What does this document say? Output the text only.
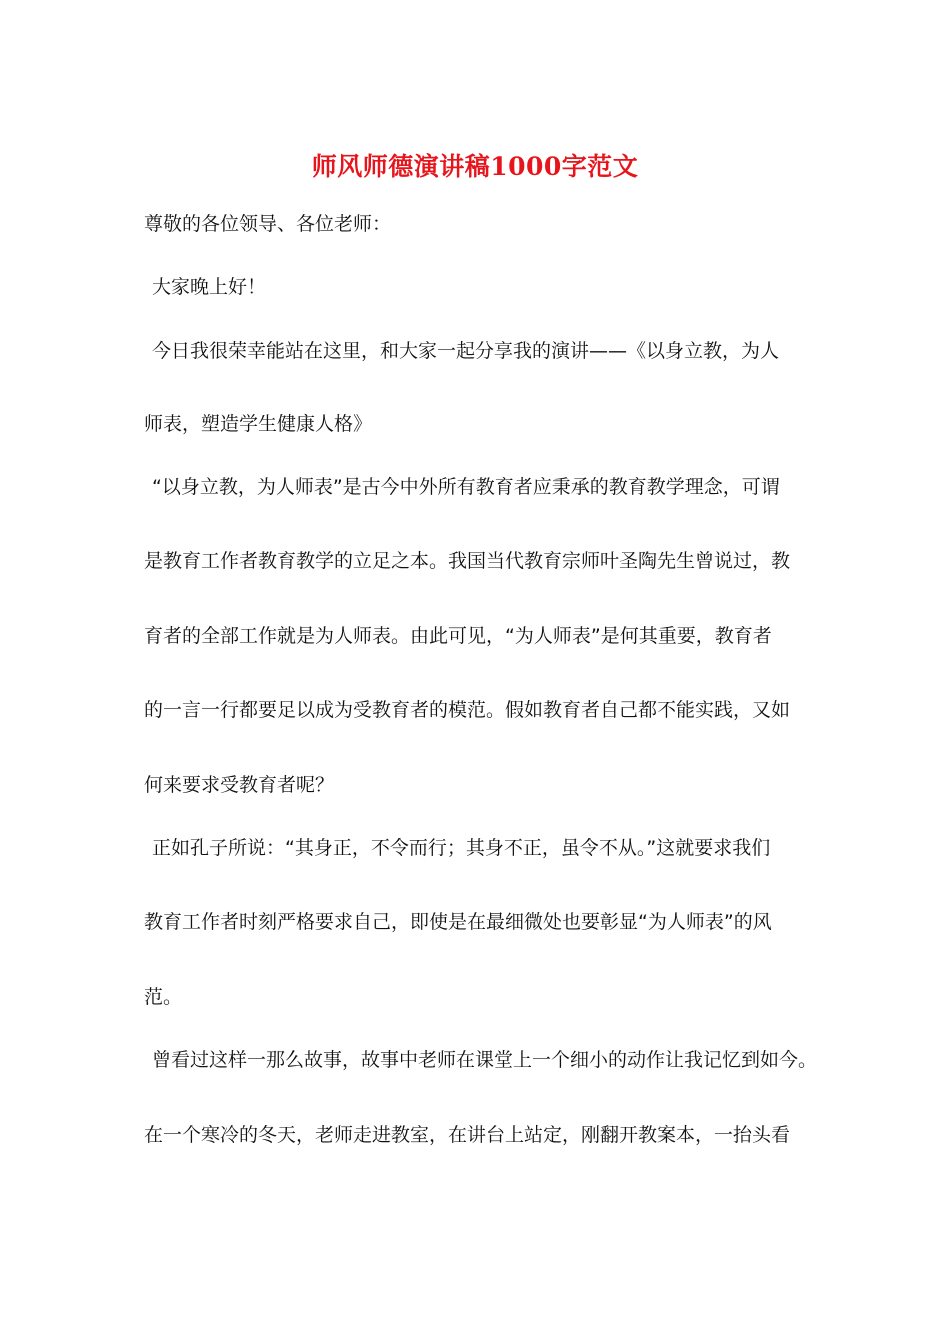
师风师德演讲稿1000字范文
尊敬的各位领导、各位老师：
大家晚上好！
今日我很荣幸能站在这里，和大家一起分享我的演讲——《以身立教，为人
师表，塑造学生健康人格》
“以身立教，为人师表”是古今中外所有教育者应秉承的教育教学理念，可谓
是教育工作者教育教学的立足之本。我国当代教育宗师叶圣陶先生曾说过，教
育者的全部工作就是为人师表。由此可见，“为人师表”是何其重要，教育者
的一言一行都要足以成为受教育者的模范。假如教育者自己都不能实践，又如
何来要求受教育者呢？
正如孔子所说：“其身正，不令而行；其身不正，虽令不从。”这就要求我们
教育工作者时刻严格要求自己，即使是在最细微处也要彰显“为人师表”的风
范。
曾看过这样一那么故事，故事中老师在课堂上一个细小的动作让我记忆到如今。
在一个寒冷的冬天，老师走进教室，在讲台上站定，刚翻开教案本，一抬头看
